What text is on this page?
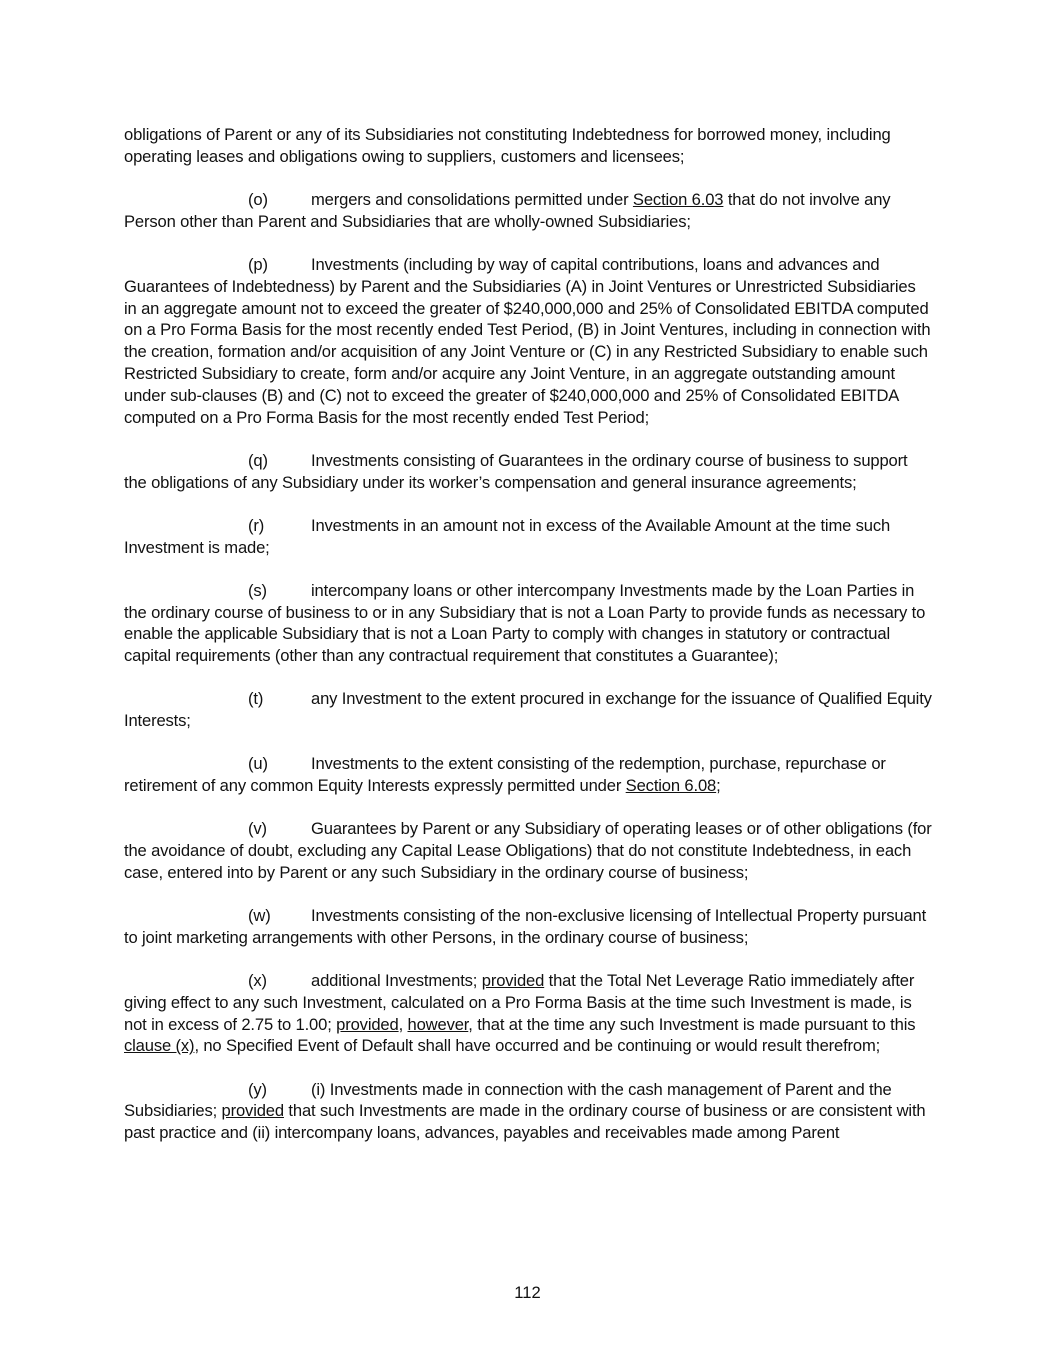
obligations of Parent or any of its Subsidiaries not constituting Indebtedness for borrowed money, including operating leases and obligations owing to suppliers, customers and licensees;

(o)	mergers and consolidations permitted under Section 6.03 that do not involve any Person other than Parent and Subsidiaries that are wholly-owned Subsidiaries;

(p)	Investments (including by way of capital contributions, loans and advances and Guarantees of Indebtedness) by Parent and the Subsidiaries (A) in Joint Ventures or Unrestricted Subsidiaries in an aggregate amount not to exceed the greater of $240,000,000 and 25% of Consolidated EBITDA computed on a Pro Forma Basis for the most recently ended Test Period, (B) in Joint Ventures, including in connection with the creation, formation and/or acquisition of any Joint Venture or (C) in any Restricted Subsidiary to enable such Restricted Subsidiary to create, form and/or acquire any Joint Venture, in an aggregate outstanding amount under sub-clauses (B) and (C) not to exceed the greater of $240,000,000 and 25% of Consolidated EBITDA computed on a Pro Forma Basis for the most recently ended Test Period;

(q)	Investments consisting of Guarantees in the ordinary course of business to support the obligations of any Subsidiary under its worker’s compensation and general insurance agreements;

(r)	Investments in an amount not in excess of the Available Amount at the time such Investment is made;

(s)	intercompany loans or other intercompany Investments made by the Loan Parties in the ordinary course of business to or in any Subsidiary that is not a Loan Party to provide funds as necessary to enable the applicable Subsidiary that is not a Loan Party to comply with changes in statutory or contractual capital requirements (other than any contractual requirement that constitutes a Guarantee);

(t)	any Investment to the extent procured in exchange for the issuance of Qualified Equity Interests;

(u)	Investments to the extent consisting of the redemption, purchase, repurchase or retirement of any common Equity Interests expressly permitted under Section 6.08;

(v)	Guarantees by Parent or any Subsidiary of operating leases or of other obligations (for the avoidance of doubt, excluding any Capital Lease Obligations) that do not constitute Indebtedness, in each case, entered into by Parent or any such Subsidiary in the ordinary course of business;

(w) Investments consisting of the non-exclusive licensing of Intellectual Property pursuant to joint marketing arrangements with other Persons, in the ordinary course of business;

(x)	additional Investments; provided that the Total Net Leverage Ratio immediately after giving effect to any such Investment, calculated on a Pro Forma Basis at the time such Investment is made, is not in excess of 2.75 to 1.00; provided, however, that at the time any such Investment is made pursuant to this clause (x), no Specified Event of Default shall have occurred and be continuing or would result therefrom;

(y)	(i) Investments made in connection with the cash management of Parent and the Subsidiaries; provided that such Investments are made in the ordinary course of business or are consistent with past practice and (ii) intercompany loans, advances, payables and receivables made among Parent

112
